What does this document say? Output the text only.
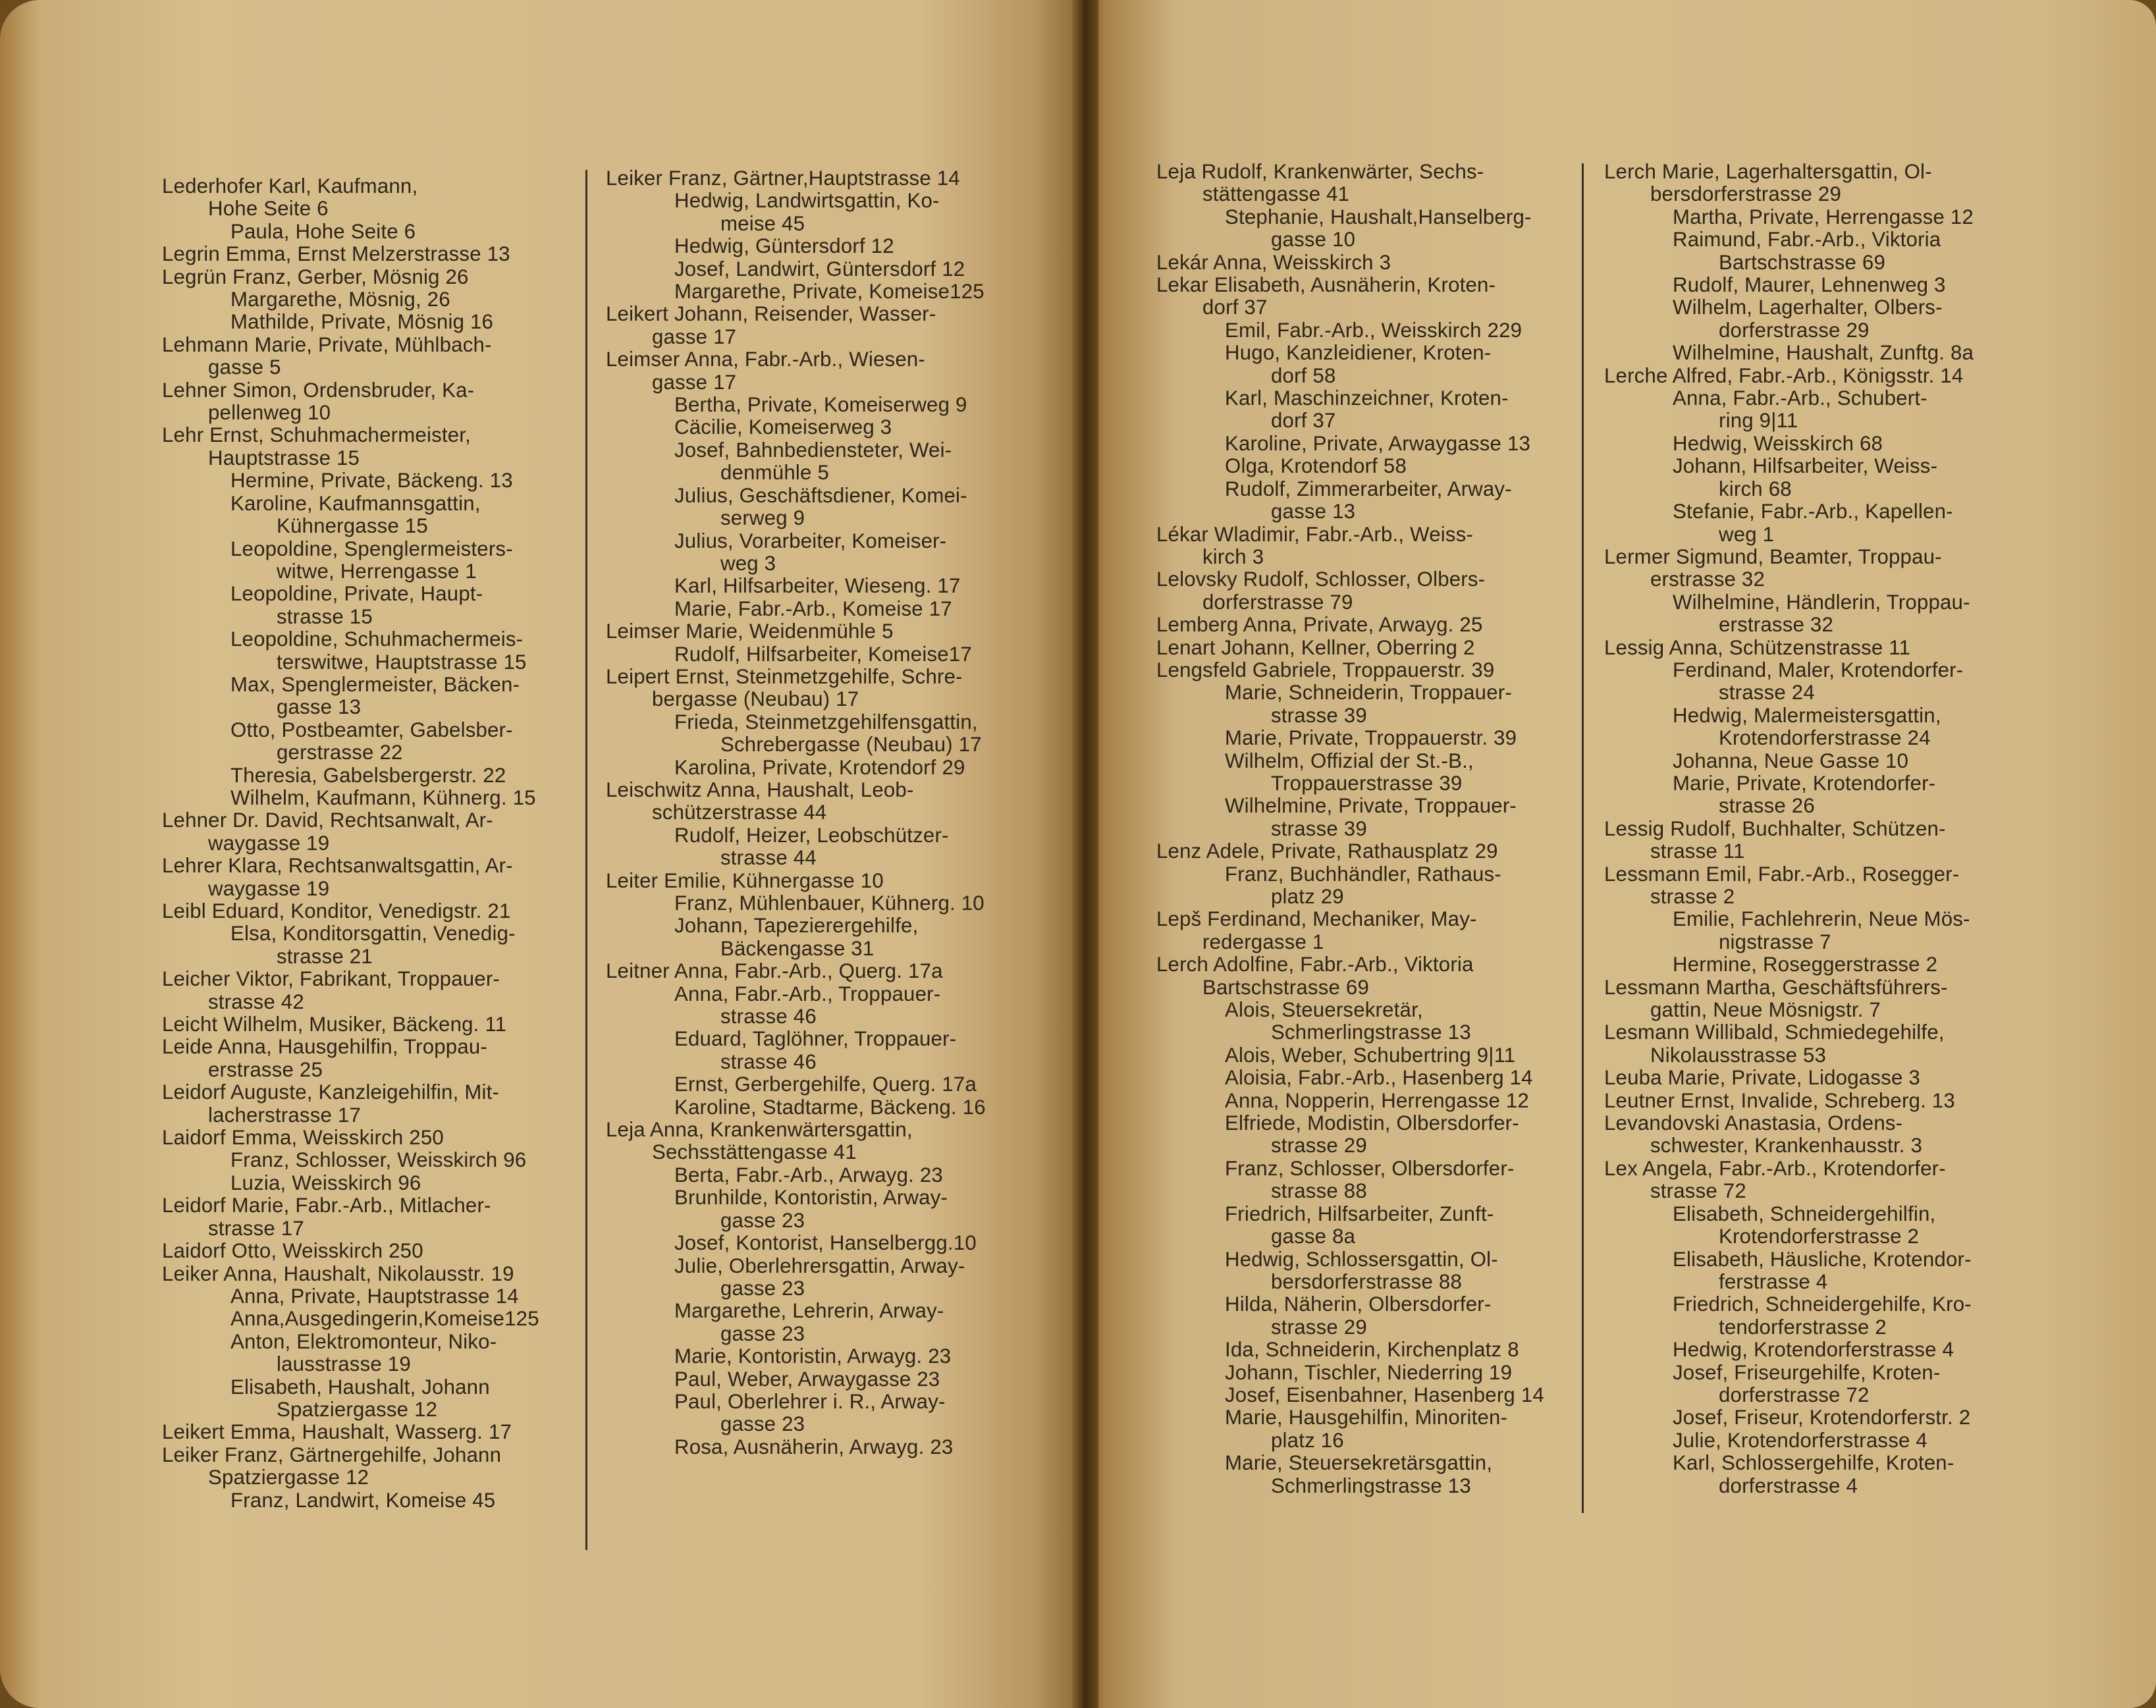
Lederhofer Karl, Kaufmann,
Hohe Seite 6
Paula, Hohe Seite 6
Legrin Emma, Ernst Melzerstrasse 13
Legrün Franz, Gerber, Mösnig 26
Margarethe, Mösnig, 26
Mathilde, Private, Mösnig 16
Lehmann Marie, Private, Mühlbach-
gasse 5
Lehner Simon, Ordensbruder, Ka-
pellenweg 10
Lehr Ernst, Schuhmachermeister,
Hauptstrasse 15
Hermine, Private, Bäckeng. 13
Karoline, Kaufmannsgattin,
Kühnergasse 15
Leopoldine, Spenglermeisters-
witwe, Herrengasse 1
Leopoldine, Private, Haupt-
strasse 15
Leopoldine, Schuhmachermeis-
terswitwe, Hauptstrasse 15
Max, Spenglermeister, Bäcken-
gasse 13
Otto, Postbeamter, Gabelsber-
gerstrasse 22
Theresia, Gabelsbergerstr. 22
Wilhelm, Kaufmann, Kühnerg. 15
Lehner Dr. David, Rechtsanwalt, Ar-
waygasse 19
Lehrer Klara, Rechtsanwaltsgattin, Ar-
waygasse 19
Leibl Eduard, Konditor, Venedigstr. 21
Elsa, Konditorsgattin, Venedig-
strasse 21
Leicher Viktor, Fabrikant, Troppauer-
strasse 42
Leicht Wilhelm, Musiker, Bäckeng. 11
Leide Anna, Hausgehilfin, Troppau-
erstrasse 25
Leidorf Auguste, Kanzleigehilfin, Mit-
lacherstrasse 17
Laidorf Emma, Weisskirch 250
Franz, Schlosser, Weisskirch 96
Luzia, Weisskirch 96
Leidorf Marie, Fabr.-Arb., Mitlacher-
strasse 17
Laidorf Otto, Weisskirch 250
Leiker Anna, Haushalt, Nikolausstr. 19
Anna, Private, Hauptstrasse 14
Anna,Ausgedingerin,Komeise125
Anton, Elektromonteur, Niko-
lausstrasse 19
Elisabeth, Haushalt, Johann
Spatziergasse 12
Leikert Emma, Haushalt, Wasserg. 17
Leiker Franz, Gärtnergehilfe, Johann
Spatziergasse 12
Franz, Landwirt, Komeise 45
Leiker Franz, Gärtner,Hauptstrasse 14
Hedwig, Landwirtsgattin, Ko-
meise 45
Hedwig, Güntersdorf 12
Josef, Landwirt, Güntersdorf 12
Margarethe, Private, Komeise125
Leikert Johann, Reisender, Wasser-
gasse 17
Leimser Anna, Fabr.-Arb., Wiesen-
gasse 17
Bertha, Private, Komeiserweg 9
Cäcilie, Komeiserweg 3
Josef, Bahnbediensteter, Wei-
denmühle 5
Julius, Geschäftsdiener, Komei-
serweg 9
Julius, Vorarbeiter, Komeiser-
weg 3
Karl, Hilfsarbeiter, Wieseng. 17
Marie, Fabr.-Arb., Komeise 17
Leimser Marie, Weidenmühle 5
Rudolf, Hilfsarbeiter, Komeise17
Leipert Ernst, Steinmetzgehilfe, Schre-
bergasse (Neubau) 17
Frieda, Steinmetzgehilfensgattin,
Schrebergasse (Neubau) 17
Karolina, Private, Krotendorf 29
Leischwitz Anna, Haushalt, Leob-
schützerstrasse 44
Rudolf, Heizer, Leobschützer-
strasse 44
Leiter Emilie, Kühnergasse 10
Franz, Mühlenbauer, Kühnerg. 10
Johann, Tapezierergehilfe,
Bäckengasse 31
Leitner Anna, Fabr.-Arb., Querg. 17a
Anna, Fabr.-Arb., Troppauer-
strasse 46
Eduard, Taglöhner, Troppauer-
strasse 46
Ernst, Gerbergehilfe, Querg. 17a
Karoline, Stadtarme, Bäckeng. 16
Leja Anna, Krankenwärtersgattin,
Sechsstättengasse 41
Berta, Fabr.-Arb., Arwayg. 23
Brunhilde, Kontoristin, Arway-
gasse 23
Josef, Kontorist, Hanselbergg.10
Julie, Oberlehrersgattin, Arway-
gasse 23
Margarethe, Lehrerin, Arway-
gasse 23
Marie, Kontoristin, Arwayg. 23
Paul, Weber, Arwaygasse 23
Paul, Oberlehrer i. R., Arway-
gasse 23
Rosa, Ausnäherin, Arwayg. 23
Leja Rudolf, Krankenwärter, Sechs-
stättengasse 41
Stephanie, Haushalt,Hanselberg-
gasse 10
Lekár Anna, Weisskirch 3
Lekar Elisabeth, Ausnäherin, Kroten-
dorf 37
Emil, Fabr.-Arb., Weisskirch 229
Hugo, Kanzleidiener, Kroten-
dorf 58
Karl, Maschinzeichner, Kroten-
dorf 37
Karoline, Private, Arwaygasse 13
Olga, Krotendorf 58
Rudolf, Zimmerarbeiter, Arway-
gasse 13
Lékar Wladimir, Fabr.-Arb., Weiss-
kirch 3
Lelovsky Rudolf, Schlosser, Olbers-
dorferstrasse 79
Lemberg Anna, Private, Arwayg. 25
Lenart Johann, Kellner, Oberring 2
Lengsfeld Gabriele, Troppauerstr. 39
Marie, Schneiderin, Troppauer-
strasse 39
Marie, Private, Troppauerstr. 39
Wilhelm, Offizial der St.-B.,
Troppauerstrasse 39
Wilhelmine, Private, Troppauer-
strasse 39
Lenz Adele, Private, Rathausplatz 29
Franz, Buchhändler, Rathaus-
platz 29
Lepš Ferdinand, Mechaniker, May-
redergasse 1
Lerch Adolfine, Fabr.-Arb., Viktoria
Bartschstrasse 69
Alois, Steuersekretär,
Schmerlingstrasse 13
Alois, Weber, Schubertring 9|11
Aloisia, Fabr.-Arb., Hasenberg 14
Anna, Nopperin, Herrengasse 12
Elfriede, Modistin, Olbersdorfer-
strasse 29
Franz, Schlosser, Olbersdorfer-
strasse 88
Friedrich, Hilfsarbeiter, Zunft-
gasse 8a
Hedwig, Schlossersgattin, Ol-
bersdorferstrasse 88
Hilda, Näherin, Olbersdorfer-
strasse 29
Ida, Schneiderin, Kirchenplatz 8
Johann, Tischler, Niederring 19
Josef, Eisenbahner, Hasenberg 14
Marie, Hausgehilfin, Minoriten-
platz 16
Marie, Steuersekretärsgattin,
Schmerlingstrasse 13
Lerch Marie, Lagerhaltersgattin, Ol-
bersdorferstrasse 29
Martha, Private, Herrengasse 12
Raimund, Fabr.-Arb., Viktoria
Bartschstrasse 69
Rudolf, Maurer, Lehnenweg 3
Wilhelm, Lagerhalter, Olbers-
dorferstrasse 29
Wilhelmine, Haushalt, Zunftg. 8a
Lerche Alfred, Fabr.-Arb., Königsstr. 14
Anna, Fabr.-Arb., Schubert-
ring 9|11
Hedwig, Weisskirch 68
Johann, Hilfsarbeiter, Weiss-
kirch 68
Stefanie, Fabr.-Arb., Kapellen-
weg 1
Lermer Sigmund, Beamter, Troppau-
erstrasse 32
Wilhelmine, Händlerin, Troppau-
erstrasse 32
Lessig Anna, Schützenstrasse 11
Ferdinand, Maler, Krotendorfer-
strasse 24
Hedwig, Malermeistersgattin,
Krotendorferstrasse 24
Johanna, Neue Gasse 10
Marie, Private, Krotendorfer-
strasse 26
Lessig Rudolf, Buchhalter, Schützen-
strasse 11
Lessmann Emil, Fabr.-Arb., Rosegger-
strasse 2
Emilie, Fachlehrerin, Neue Mös-
nigstrasse 7
Hermine, Roseggerstrasse 2
Lessmann Martha, Geschäftsführers-
gattin, Neue Mösnigstr. 7
Lesmann Willibald, Schmiedegehilfe,
Nikolausstrasse 53
Leuba Marie, Private, Lidogasse 3
Leutner Ernst, Invalide, Schreberg. 13
Levandovski Anastasia, Ordens-
schwester, Krankenhausstr. 3
Lex Angela, Fabr.-Arb., Krotendorfer-
strasse 72
Elisabeth, Schneidergehilfin,
Krotendorferstrasse 2
Elisabeth, Häusliche, Krotendor-
ferstrasse 4
Friedrich, Schneidergehilfe, Kro-
tendorferstrasse 2
Hedwig, Krotendorferstrasse 4
Josef, Friseurgehilfe, Kroten-
dorferstrasse 72
Josef, Friseur, Krotendorferstr. 2
Julie, Krotendorferstrasse 4
Karl, Schlossergehilfe, Kroten-
dorferstrasse 4
